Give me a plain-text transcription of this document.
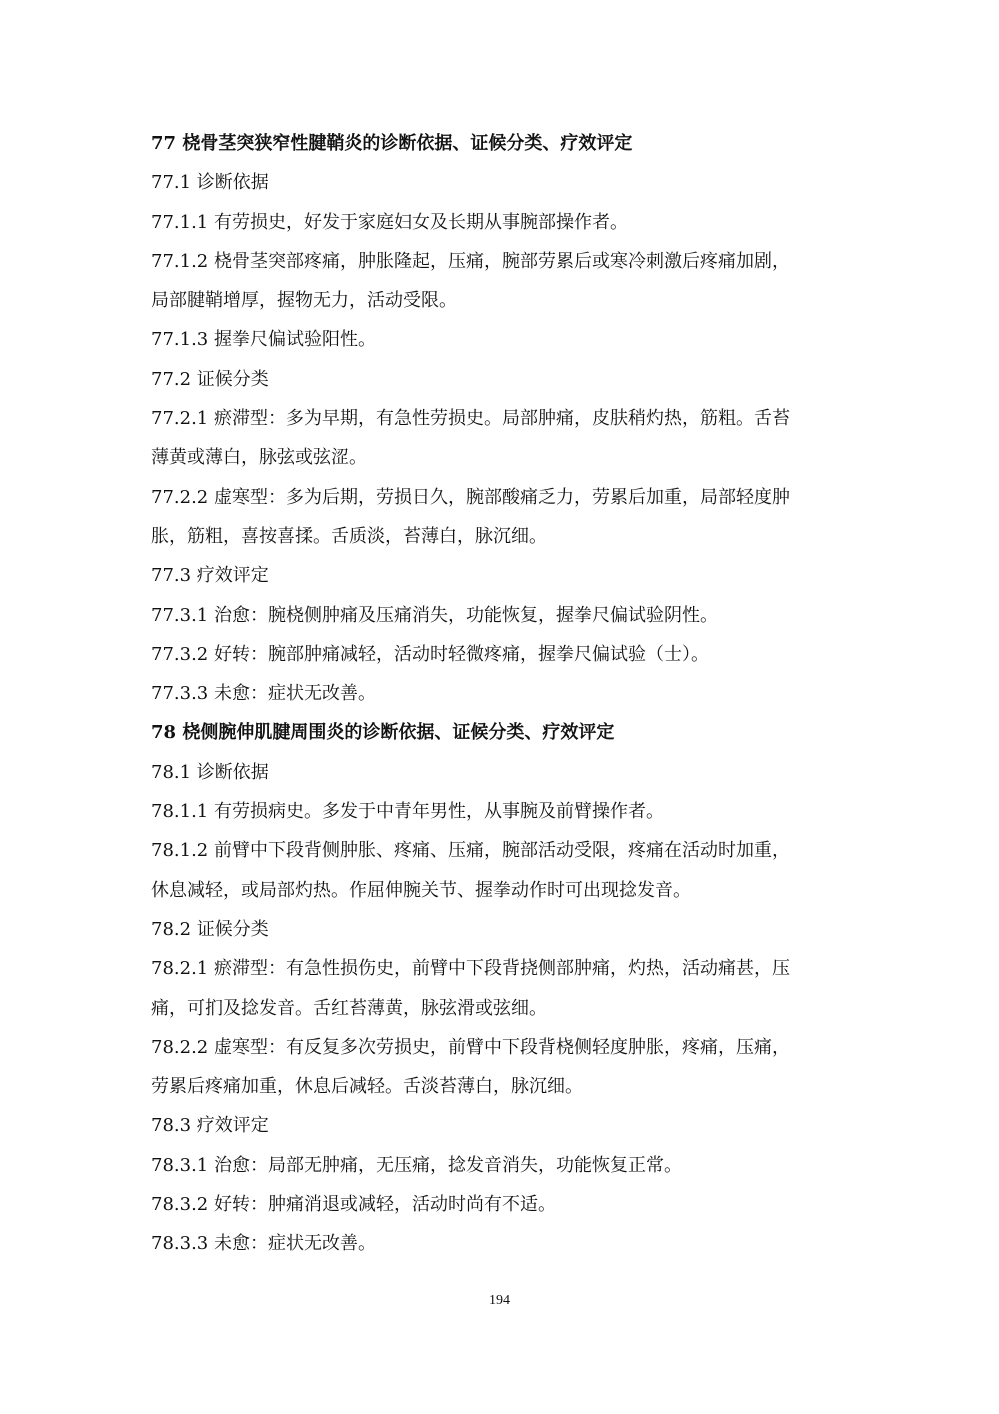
77 桡骨茎突狭窄性腱鞘炎的诊断依据、证候分类、疗效评定
77.1 诊断依据
77.1.1 有劳损史，好发于家庭妇女及长期从事腕部操作者。
77.1.2 桡骨茎突部疼痛，肿胀隆起，压痛，腕部劳累后或寒冷刺激后疼痛加剧，
局部腱鞘增厚，握物无力，活动受限。
77.1.3 握拳尺偏试验阳性。
77.2 证候分类
77.2.1 瘀滞型：多为早期，有急性劳损史。局部肿痛，皮肤稍灼热，筋粗。舌苔
薄黄或薄白，脉弦或弦涩。
77.2.2 虚寒型：多为后期，劳损日久，腕部酸痛乏力，劳累后加重，局部轻度肿
胀，筋粗，喜按喜揉。舌质淡，苔薄白，脉沉细。
77.3 疗效评定
77.3.1 治愈：腕桡侧肿痛及压痛消失，功能恢复，握拳尺偏试验阴性。
77.3.2 好转：腕部肿痛减轻，活动时轻微疼痛，握拳尺偏试验（士）。
77.3.3 未愈：症状无改善。
78 桡侧腕伸肌腱周围炎的诊断依据、证候分类、疗效评定
78.1 诊断依据
78.1.1 有劳损病史。多发于中青年男性，从事腕及前臂操作者。
78.1.2 前臂中下段背侧肿胀、疼痛、压痛，腕部活动受限，疼痛在活动时加重，
休息减轻，或局部灼热。作屈伸腕关节、握拳动作时可出现捻发音。
78.2 证候分类
78.2.1 瘀滞型：有急性损伤史，前臂中下段背挠侧部肿痛，灼热，活动痛甚，压
痛，可扪及捻发音。舌红苔薄黄，脉弦滑或弦细。
78.2.2 虚寒型：有反复多次劳损史，前臂中下段背桡侧轻度肿胀，疼痛，压痛，
劳累后疼痛加重，休息后减轻。舌淡苔薄白，脉沉细。
78.3 疗效评定
78.3.1 治愈：局部无肿痛，无压痛，捻发音消失，功能恢复正常。
78.3.2 好转：肿痛消退或减轻，活动时尚有不适。
78.3.3 未愈：症状无改善。
194
